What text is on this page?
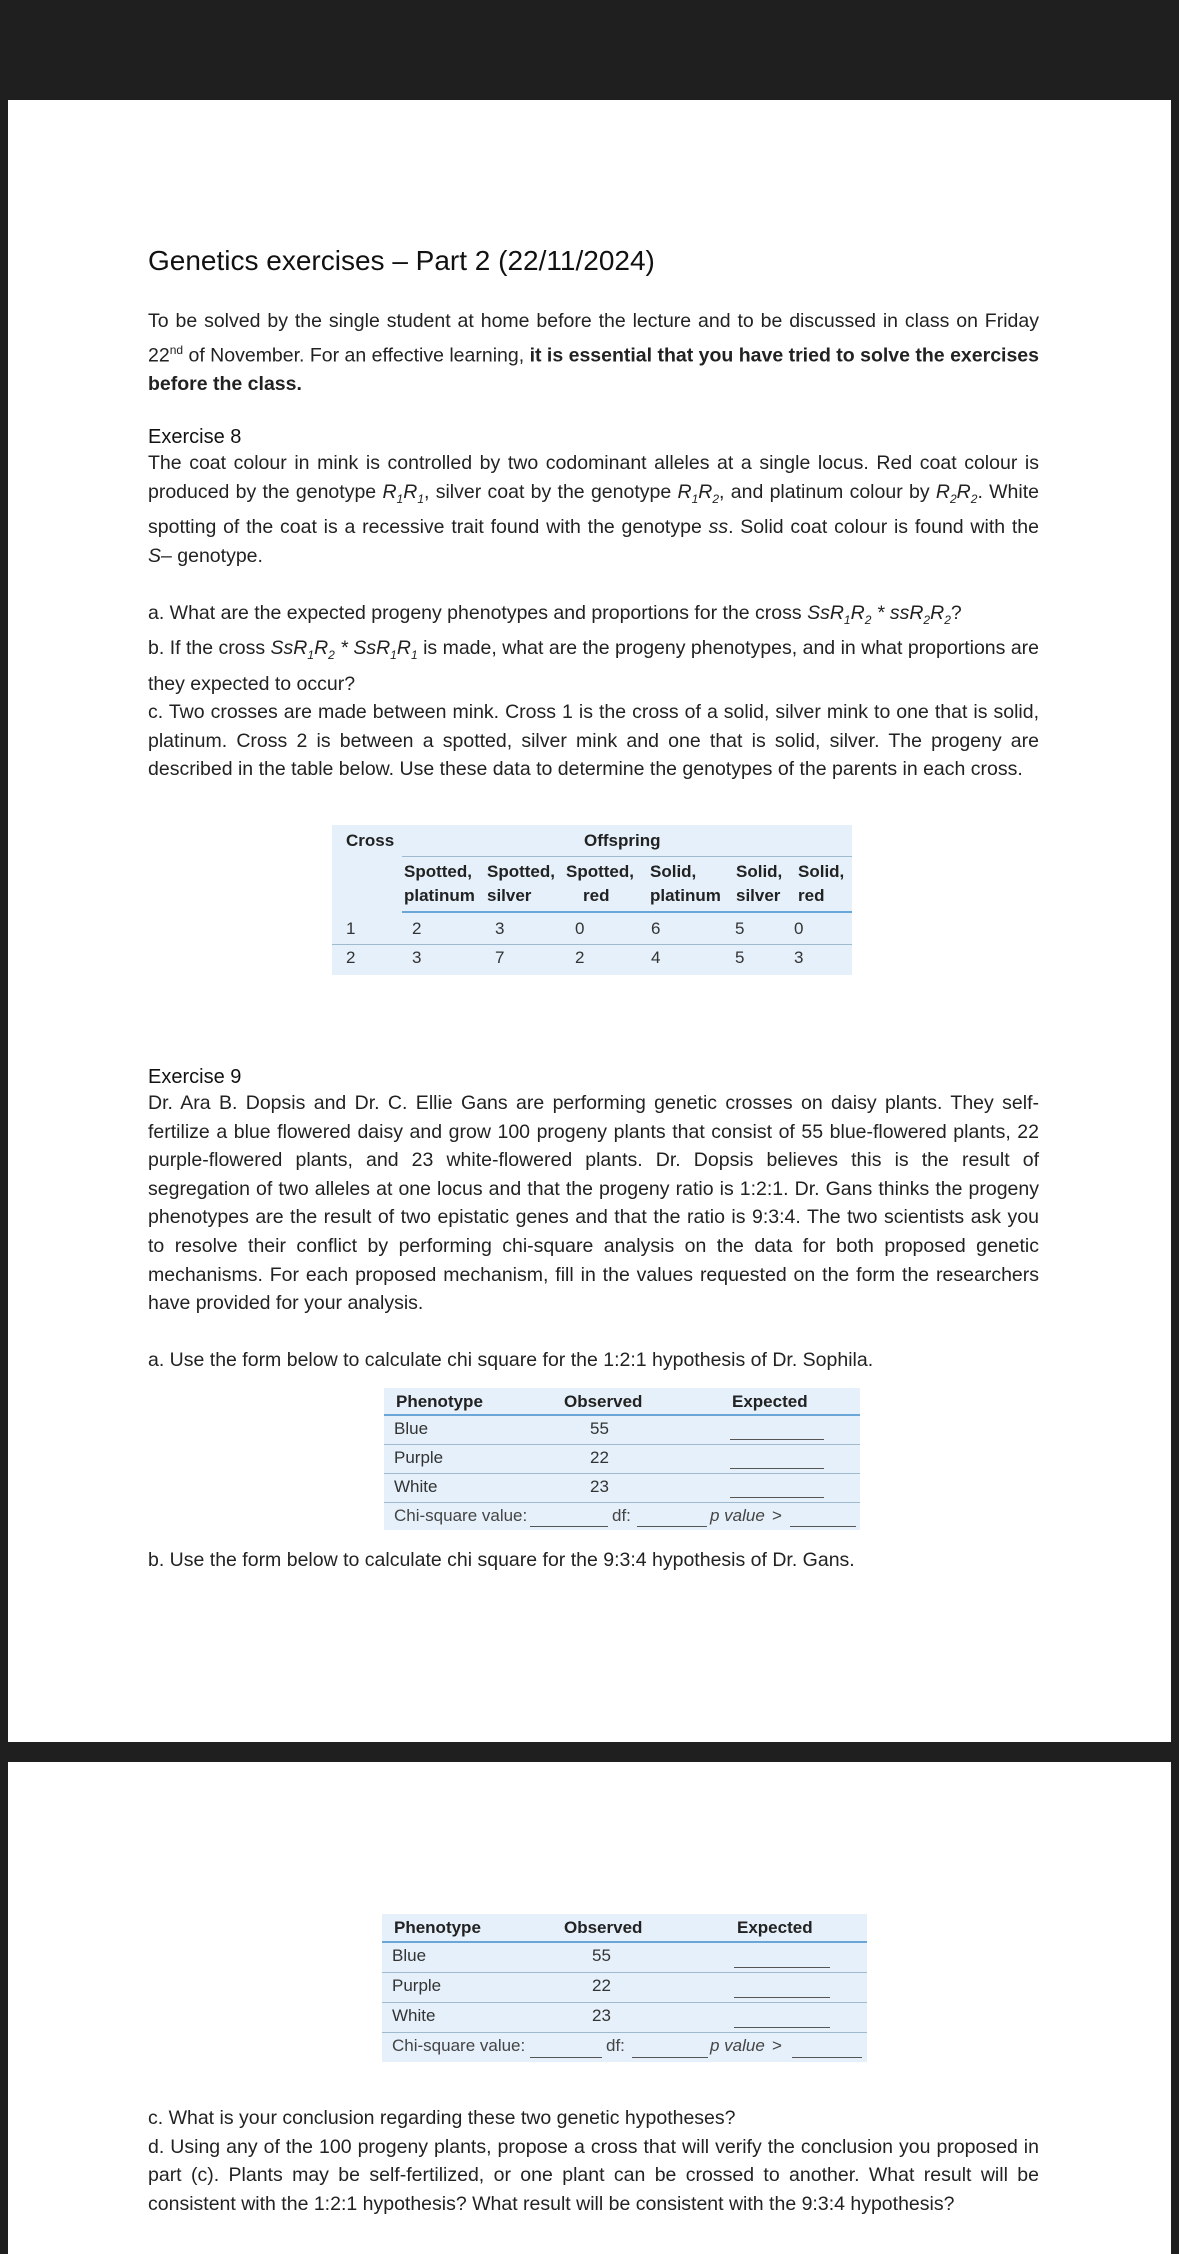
Genetics exercises – Part 2 (22/11/2024)

To be solved by the single student at home before the lecture and to be discussed in class on Friday 22nd of November. For an effective learning, it is essential that you have tried to solve the exercises before the class.

Exercise 8

The coat colour in mink is controlled by two codominant alleles at a single locus. Red coat colour is produced by the genotype $R_1R_1$, silver coat by the genotype $R_1R_2$, and platinum colour by $R_2R_2$. White spotting of the coat is a recessive trait found with the genotype ss. Solid coat colour is found with the S– genotype.

a. What are the expected progeny phenotypes and proportions for the cross $SsR_1R_2 * ssR_2R_2$?

b. If the cross $SsR_1R_2 * SsR_1R_1$ is made, what are the progeny phenotypes, and in what proportions are they expected to occur?

c. Two crosses are made between mink. Cross 1 is the cross of a solid, silver mink to one that is solid, platinum. Cross 2 is between a spotted, silver mink and one that is solid, silver. The progeny are described in the table below. Use these data to determine the genotypes of the parents in each cross.

Cross	Offspring
Spotted,
platinum
Spotted,
silver
Spotted,
red
Solid,
platinum
Solid,
silver
Solid,
red
1	2	3	0	6	5	0
2	3	7	2	4	5	3
Exercise 9

Dr. Ara B. Dopsis and Dr. C. Ellie Gans are performing genetic crosses on daisy plants. They self-fertilize a blue flowered daisy and grow 100 progeny plants that consist of 55 blue-flowered plants, 22 purple-flowered plants, and 23 white-flowered plants. Dr. Dopsis believes this is the result of segregation of two alleles at one locus and that the progeny ratio is 1:2:1. Dr. Gans thinks the progeny phenotypes are the result of two epistatic genes and that the ratio is 9:3:4. The two scientists ask you to resolve their conflict by performing chi-square analysis on the data for both proposed genetic mechanisms. For each proposed mechanism, fill in the values requested on the form the researchers have provided for your analysis.

a. Use the form below to calculate chi square for the 1:2:1 hypothesis of Dr. Sophila.

Phenotype	Observed	Expected
Blue	55
Purple	22
White	23
Chi-square value:	df:	p value >

b. Use the form below to calculate chi square for the 9:3:4 hypothesis of Dr. Gans.

Phenotype	Observed	Expected
Blue	55
Purple	22
White	23
Chi-square value:	df:	p value >

c. What is your conclusion regarding these two genetic hypotheses?

d. Using any of the 100 progeny plants, propose a cross that will verify the conclusion you proposed in part (c). Plants may be self-fertilized, or one plant can be crossed to another. What result will be consistent with the 1:2:1 hypothesis? What result will be consistent with the 9:3:4 hypothesis?
